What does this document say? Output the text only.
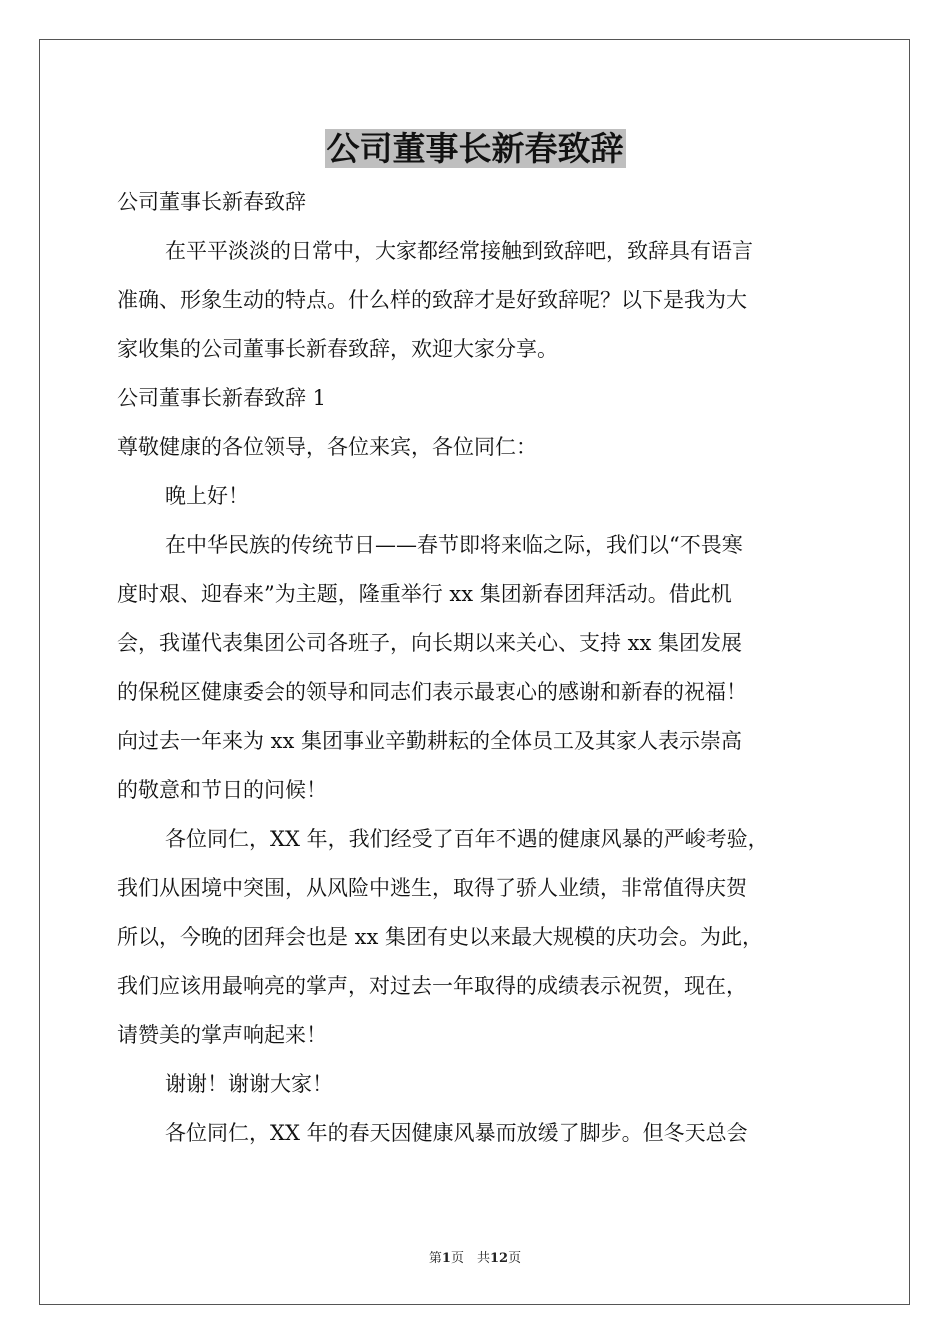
公司董事长新春致辞
公司董事长新春致辞
在平平淡淡的日常中，大家都经常接触到致辞吧，致辞具有语言
准确、形象生动的特点。什么样的致辞才是好致辞呢？以下是我为大
家收集的公司董事长新春致辞，欢迎大家分享。
公司董事长新春致辞 1
尊敬健康的各位领导，各位来宾，各位同仁：
晚上好！
在中华民族的传统节日——春节即将来临之际，我们以“不畏寒
度时艰、迎春来”为主题，隆重举行 xx 集团新春团拜活动。借此机
会，我谨代表集团公司各班子，向长期以来关心、支持 xx 集团发展
的保税区健康委会的领导和同志们表示最衷心的感谢和新春的祝福！
向过去一年来为 xx 集团事业辛勤耕耘的全体员工及其家人表示崇高
的敬意和节日的问候！
各位同仁，XX 年，我们经受了百年不遇的健康风暴的严峻考验，
我们从困境中突围，从风险中逃生，取得了骄人业绩，非常值得庆贺
所以，今晚的团拜会也是 xx 集团有史以来最大规模的庆功会。为此，
我们应该用最响亮的掌声，对过去一年取得的成绩表示祝贺，现在，
请赞美的掌声响起来！
谢谢！谢谢大家！
各位同仁，XX 年的春天因健康风暴而放缓了脚步。但冬天总会
第1页　共12页
